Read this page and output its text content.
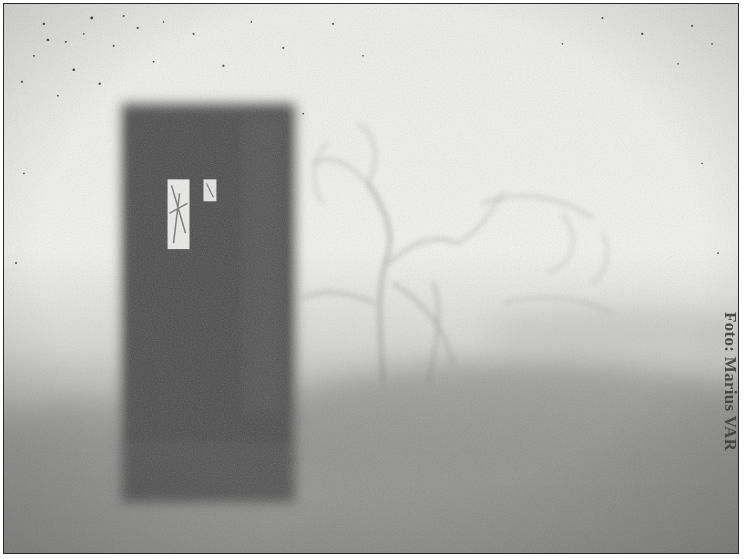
Foto: Marius VAR
